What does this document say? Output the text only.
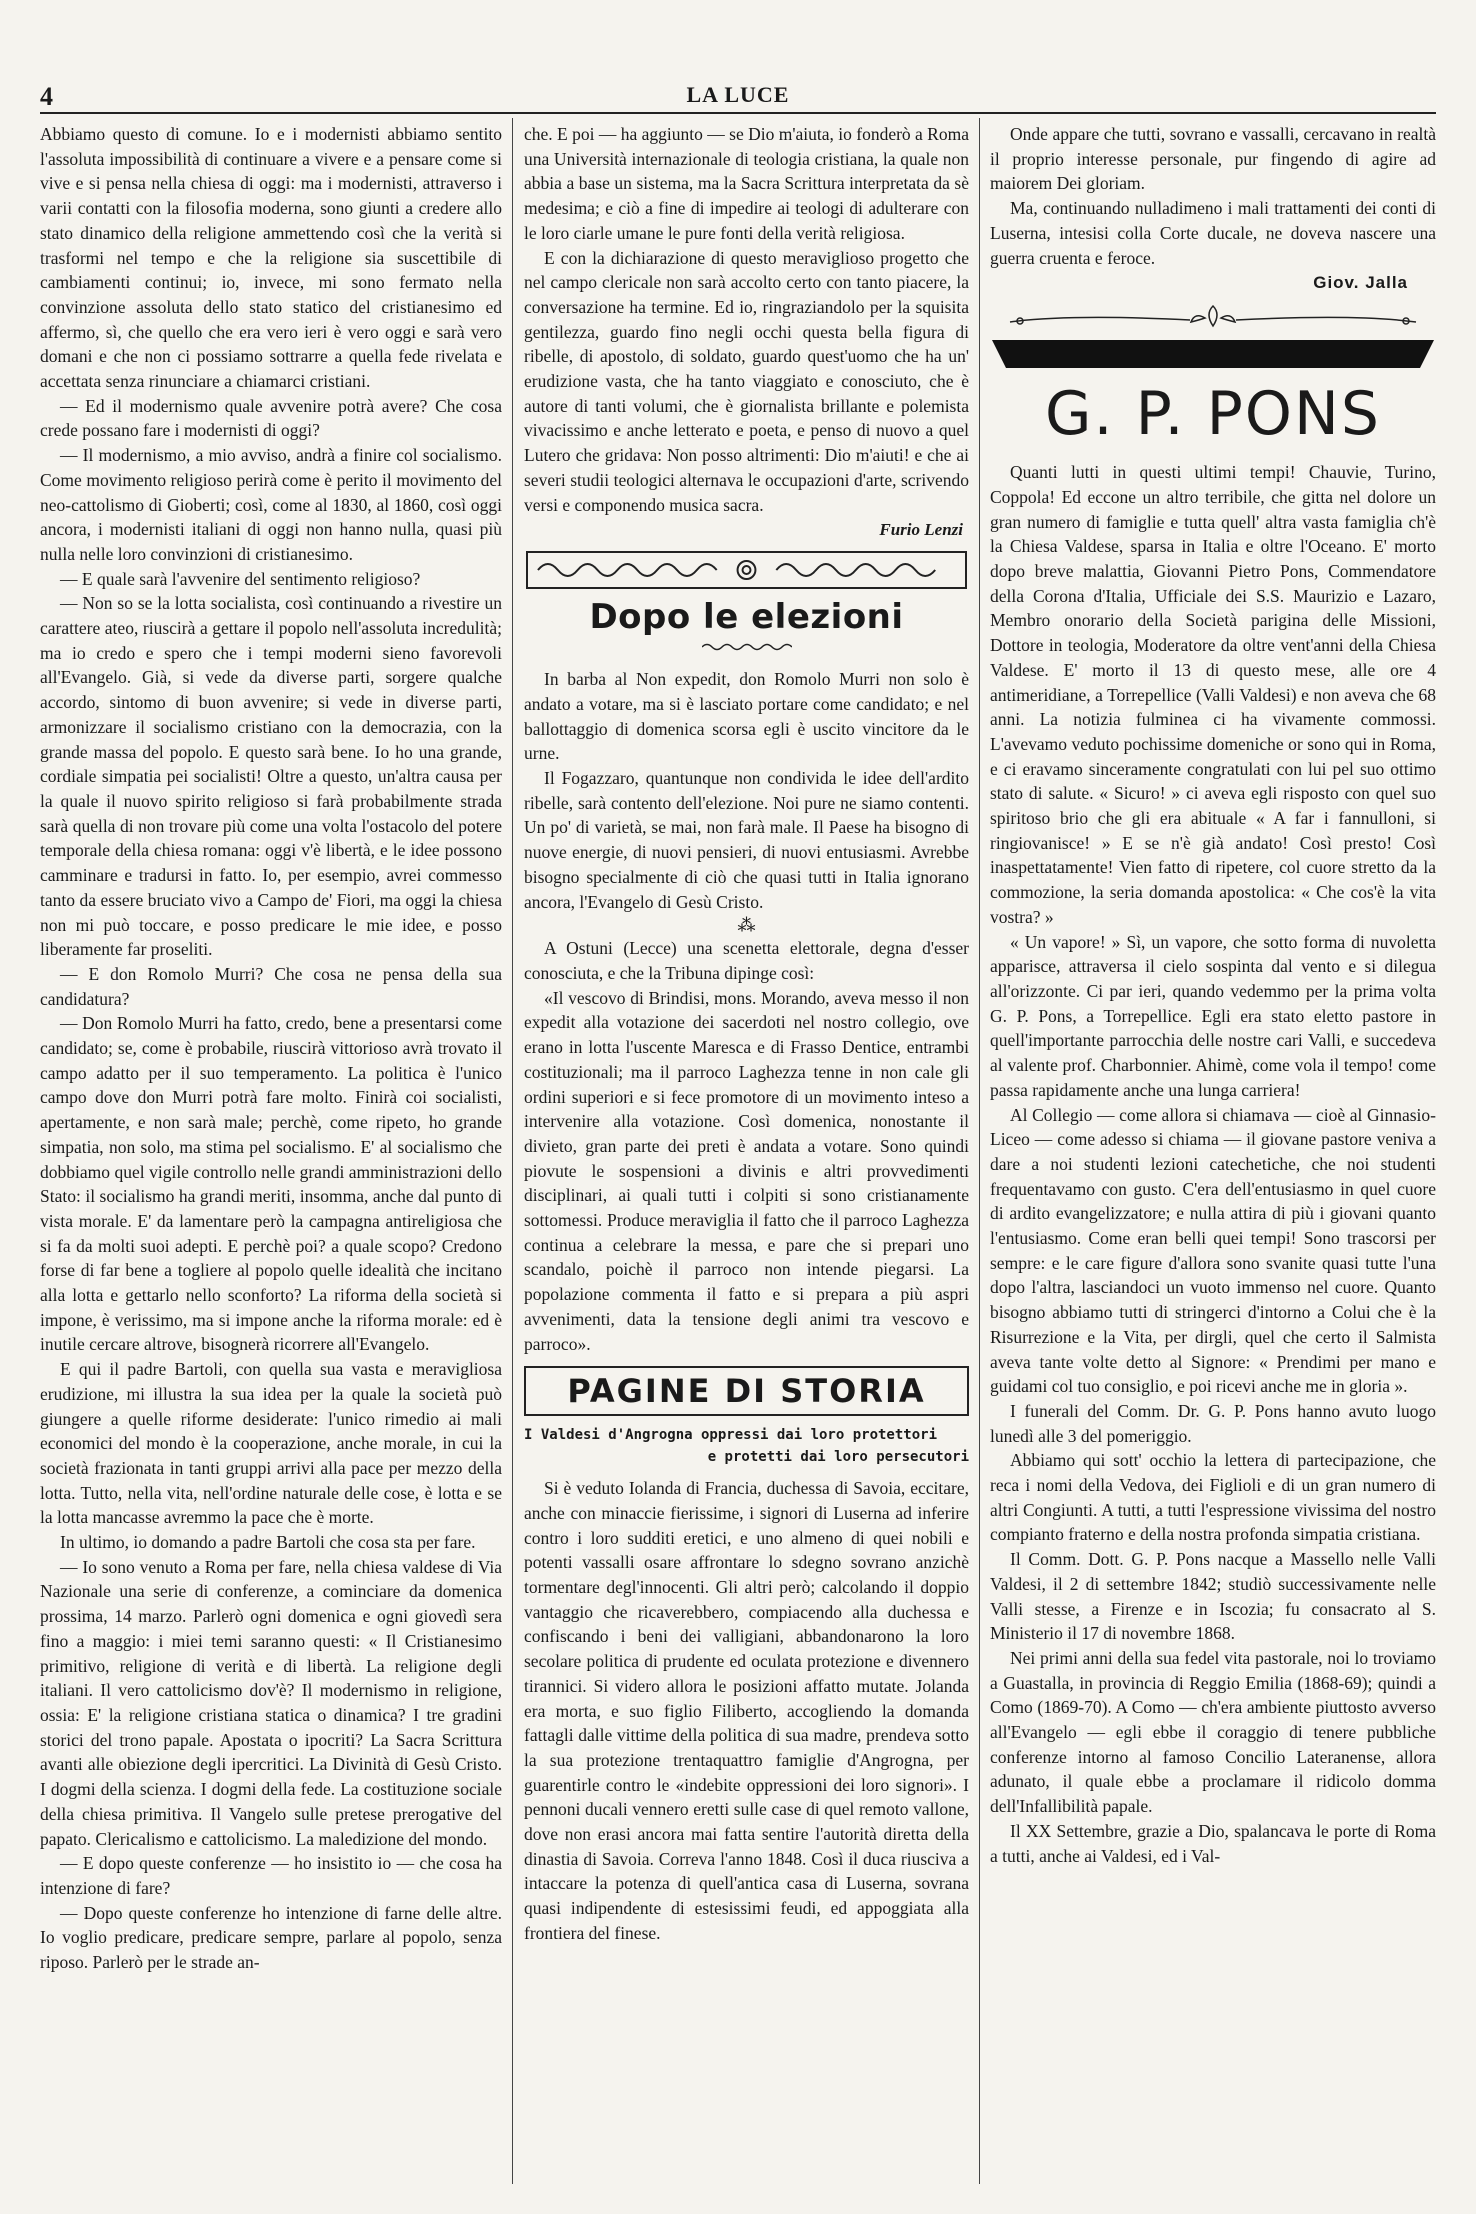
4	LA LUCE

Abbiamo questo di comune. Io e i modernisti abbiamo sentito l'assoluta impossibilità di continuare a vivere e a pensare come si vive e si pensa nella chiesa di oggi: ma i modernisti, attraverso i varii contatti con la filosofia moderna, sono giunti a credere allo stato dinamico della religione ammettendo così che la verità si trasformi nel tempo e che la religione sia suscettibile di cambiamenti continui; io, invece, mi sono fermato nella convinzione assoluta dello stato statico del cristianesimo ed affermo, sì, che quello che era vero ieri è vero oggi e sarà vero domani e che non ci possiamo sottrarre a quella fede rivelata e accettata senza rinunciare a chiamarci cristiani.

— Ed il modernismo quale avvenire potrà avere? Che cosa crede possano fare i modernisti di oggi?

— Il modernismo, a mio avviso, andrà a finire col socialismo. Come movimento religioso perirà come è perito il movimento del neo-cattolismo di Gioberti; così, come al 1830, al 1860, così oggi ancora, i modernisti italiani di oggi non hanno nulla, quasi più nulla nelle loro convinzioni di cristianesimo.

— E quale sarà l'avvenire del sentimento religioso?

— Non so se la lotta socialista, così continuando a rivestire un carattere ateo, riuscirà a gettare il popolo nell'assoluta incredulità; ma io credo e spero che i tempi moderni sieno favorevoli all'Evangelo. Già, si vede da diverse parti, sorgere qualche accordo, sintomo di buon avvenire; si vede in diverse parti, armonizzare il socialismo cristiano con la democrazia, con la grande massa del popolo. E questo sarà bene. Io ho una grande, cordiale simpatia pei socialisti! Oltre a questo, un'altra causa per la quale il nuovo spirito religioso si farà probabilmente strada sarà quella di non trovare più come una volta l'ostacolo del potere temporale della chiesa romana: oggi v'è libertà, e le idee possono camminare e tradursi in fatto. Io, per esempio, avrei commesso tanto da essere bruciato vivo a Campo de' Fiori, ma oggi la chiesa non mi può toccare, e posso predicare le mie idee, e posso liberamente far proseliti.

— E don Romolo Murri? Che cosa ne pensa della sua candidatura?

— Don Romolo Murri ha fatto, credo, bene a presentarsi come candidato; se, come è probabile, riuscirà vittorioso avrà trovato il campo adatto per il suo temperamento. La politica è l'unico campo dove don Murri potrà fare molto. Finirà coi socialisti, apertamente, e non sarà male; perchè, come ripeto, ho grande simpatia, non solo, ma stima pel socialismo. E' al socialismo che dobbiamo quel vigile controllo nelle grandi amministrazioni dello Stato: il socialismo ha grandi meriti, insomma, anche dal punto di vista morale. E' da lamentare però la campagna antireligiosa che si fa da molti suoi adepti. E perchè poi? a quale scopo? Credono forse di far bene a togliere al popolo quelle idealità che incitano alla lotta e gettarlo nello sconforto? La riforma della società si impone, è verissimo, ma si impone anche la riforma morale: ed è inutile cercare altrove, bisognerà ricorrere all'Evangelo.

E qui il padre Bartoli, con quella sua vasta e meravigliosa erudizione, mi illustra la sua idea per la quale la società può giungere a quelle riforme desiderate: l'unico rimedio ai mali economici del mondo è la cooperazione, anche morale, in cui la società frazionata in tanti gruppi arrivi alla pace per mezzo della lotta. Tutto, nella vita, nell'ordine naturale delle cose, è lotta e se la lotta mancasse avremmo la pace che è morte.

In ultimo, io domando a padre Bartoli che cosa sta per fare.

— Io sono venuto a Roma per fare, nella chiesa valdese di Via Nazionale una serie di conferenze, a cominciare da domenica prossima, 14 marzo. Parlerò ogni domenica e ogni giovedì sera fino a maggio: i miei temi saranno questi: « Il Cristianesimo primitivo, religione di verità e di libertà. La religione degli italiani. Il vero cattolicismo dov'è? Il modernismo in religione, ossia: E' la religione cristiana statica o dinamica? I tre gradini storici del trono papale. Apostata o ipocriti? La Sacra Scrittura avanti alle obiezione degli ipercritici. La Divinità di Gesù Cristo. I dogmi della scienza. I dogmi della fede. La costituzione sociale della chiesa primitiva. Il Vangelo sulle pretese prerogative del papato. Clericalismo e cattolicismo. La maledizione del mondo.

— E dopo queste conferenze — ho insistito io — che cosa ha intenzione di fare?

— Dopo queste conferenze ho intenzione di farne delle altre. Io voglio predicare, predicare sempre, parlare al popolo, senza riposo. Parlerò per le strade an-

che. E poi — ha aggiunto — se Dio m'aiuta, io fonderò a Roma una Università internazionale di teologia cristiana, la quale non abbia a base un sistema, ma la Sacra Scrittura interpretata da sè medesima; e ciò a fine di impedire ai teologi di adulterare con le loro ciarle umane le pure fonti della verità religiosa.

E con la dichiarazione di questo meraviglioso progetto che nel campo clericale non sarà accolto certo con tanto piacere, la conversazione ha termine. Ed io, ringraziandolo per la squisita gentilezza, guardo fino negli occhi questa bella figura di ribelle, di apostolo, di soldato, guardo quest'uomo che ha un' erudizione vasta, che ha tanto viaggiato e conosciuto, che è autore di tanti volumi, che è giornalista brillante e polemista vivacissimo e anche letterato e poeta, e penso di nuovo a quel Lutero che gridava: Non posso altrimenti: Dio m'aiuti! e che ai severi studii teologici alternava le occupazioni d'arte, scrivendo versi e componendo musica sacra.

Furio Lenzi
Dopo le elezioni

In barba al Non expedit, don Romolo Murri non solo è andato a votare, ma si è lasciato portare come candidato; e nel ballottaggio di domenica scorsa egli è uscito vincitore da le urne.

Il Fogazzaro, quantunque non condivida le idee dell'ardito ribelle, sarà contento dell'elezione. Noi pure ne siamo contenti. Un po' di varietà, se mai, non farà male. Il Paese ha bisogno di nuove energie, di nuovi pensieri, di nuovi entusiasmi. Avrebbe bisogno specialmente di ciò che quasi tutti in Italia ignorano ancora, l'Evangelo di Gesù Cristo.

⁂

A Ostuni (Lecce) una scenetta elettorale, degna d'esser conosciuta, e che la Tribuna dipinge così:

«Il vescovo di Brindisi, mons. Morando, aveva messo il non expedit alla votazione dei sacerdoti nel nostro collegio, ove erano in lotta l'uscente Maresca e di Frasso Dentice, entrambi costituzionali; ma il parroco Laghezza tenne in non cale gli ordini superiori e si fece promotore di un movimento inteso a intervenire alla votazione. Così domenica, nonostante il divieto, gran parte dei preti è andata a votare. Sono quindi piovute le sospensioni a divinis e altri provvedimenti disciplinari, ai quali tutti i colpiti si sono cristianamente sottomessi. Produce meraviglia il fatto che il parroco Laghezza continua a celebrare la messa, e pare che si prepari uno scandalo, poichè il parroco non intende piegarsi. La popolazione commenta il fatto e si prepara a più aspri avvenimenti, data la tensione degli animi tra vescovo e parroco».

PAGINE DI STORIA
I Valdesi d'Angrogna oppressi dai loro protettori
e protetti dai loro persecutori

Si è veduto Iolanda di Francia, duchessa di Savoia, eccitare, anche con minaccie fierissime, i signori di Luserna ad inferire contro i loro sudditi eretici, e uno almeno di quei nobili e potenti vassalli osare affrontare lo sdegno sovrano anzichè tormentare degl'innocenti. Gli altri però; calcolando il doppio vantaggio che ricaverebbero, compiacendo alla duchessa e confiscando i beni dei valligiani, abbandonarono la loro secolare politica di prudente ed oculata protezione e divennero tirannici. Si videro allora le posizioni affatto mutate. Jolanda era morta, e suo figlio Filiberto, accogliendo la domanda fattagli dalle vittime della politica di sua madre, prendeva sotto la sua protezione trentaquattro famiglie d'Angrogna, per guarentirle contro le «indebite oppressioni dei loro signori». I pennoni ducali vennero eretti sulle case di quel remoto vallone, dove non erasi ancora mai fatta sentire l'autorità diretta della dinastia di Savoia. Correva l'anno 1848. Così il duca riusciva a intaccare la potenza di quell'antica casa di Luserna, sovrana quasi indipendente di estesissimi feudi, ed appoggiata alla frontiera del finese.

Onde appare che tutti, sovrano e vassalli, cercavano in realtà il proprio interesse personale, pur fingendo di agire ad maiorem Dei gloriam.

Ma, continuando nulladimeno i mali trattamenti dei conti di Luserna, intesisi colla Corte ducale, ne doveva nascere una guerra cruenta e feroce.

Giov. Jalla
G. P. PONS

Quanti lutti in questi ultimi tempi! Chauvie, Turino, Coppola! Ed eccone un altro terribile, che gitta nel dolore un gran numero di famiglie e tutta quell' altra vasta famiglia ch'è la Chiesa Valdese, sparsa in Italia e oltre l'Oceano. E' morto dopo breve malattia, Giovanni Pietro Pons, Commendatore della Corona d'Italia, Ufficiale dei S.S. Maurizio e Lazaro, Membro onorario della Società parigina delle Missioni, Dottore in teologia, Moderatore da oltre vent'anni della Chiesa Valdese. E' morto il 13 di questo mese, alle ore 4 antimeridiane, a Torrepellice (Valli Valdesi) e non aveva che 68 anni. La notizia fulminea ci ha vivamente commossi. L'avevamo veduto pochissime domeniche or sono qui in Roma, e ci eravamo sinceramente congratulati con lui pel suo ottimo stato di salute. « Sicuro! » ci aveva egli risposto con quel suo spiritoso brio che gli era abituale « A far i fannulloni, si ringiovanisce! » E se n'è già andato! Così presto! Così inaspettatamente! Vien fatto di ripetere, col cuore stretto da la commozione, la seria domanda apostolica: « Che cos'è la vita vostra? »

« Un vapore! » Sì, un vapore, che sotto forma di nuvoletta apparisce, attraversa il cielo sospinta dal vento e si dilegua all'orizzonte. Ci par ieri, quando vedemmo per la prima volta G. P. Pons, a Torrepellice. Egli era stato eletto pastore in quell'importante parrocchia delle nostre cari Valli, e succedeva al valente prof. Charbonnier. Ahimè, come vola il tempo! come passa rapidamente anche una lunga carriera!

Al Collegio — come allora si chiamava — cioè al Ginnasio-Liceo — come adesso si chiama — il giovane pastore veniva a dare a noi studenti lezioni catechetiche, che noi studenti frequentavamo con gusto. C'era dell'entusiasmo in quel cuore di ardito evangelizzatore; e nulla attira di più i giovani quanto l'entusiasmo. Come eran belli quei tempi! Sono trascorsi per sempre: e le care figure d'allora sono svanite quasi tutte l'una dopo l'altra, lasciandoci un vuoto immenso nel cuore. Quanto bisogno abbiamo tutti di stringerci d'intorno a Colui che è la Risurrezione e la Vita, per dirgli, quel che certo il Salmista aveva tante volte detto al Signore: « Prendimi per mano e guidami col tuo consiglio, e poi ricevi anche me in gloria ».

I funerali del Comm. Dr. G. P. Pons hanno avuto luogo lunedì alle 3 del pomeriggio.

Abbiamo qui sott' occhio la lettera di partecipazione, che reca i nomi della Vedova, dei Figlioli e di un gran numero di altri Congiunti. A tutti, a tutti l'espressione vivissima del nostro compianto fraterno e della nostra profonda simpatia cristiana.

Il Comm. Dott. G. P. Pons nacque a Massello nelle Valli Valdesi, il 2 di settembre 1842; studiò successivamente nelle Valli stesse, a Firenze e in Iscozia; fu consacrato al S. Ministerio il 17 di novembre 1868.

Nei primi anni della sua fedel vita pastorale, noi lo troviamo a Guastalla, in provincia di Reggio Emilia (1868-69); quindi a Como (1869-70). A Como — ch'era ambiente piuttosto avverso all'Evangelo — egli ebbe il coraggio di tenere pubbliche conferenze intorno al famoso Concilio Lateranense, allora adunato, il quale ebbe a proclamare il ridicolo domma dell'Infallibilità papale.

Il XX Settembre, grazie a Dio, spalancava le porte di Roma a tutti, anche ai Valdesi, ed i Val-
